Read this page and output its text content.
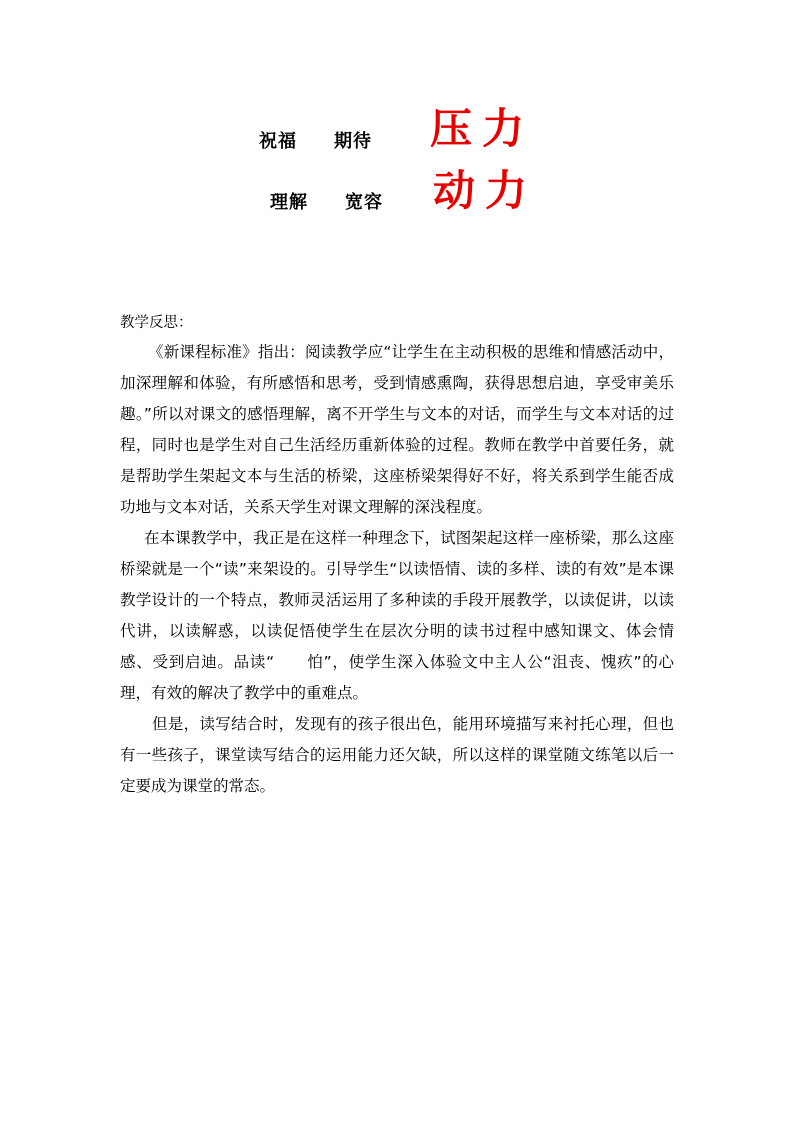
祝福 期待 压力
理解 宽容 动力
教学反思：

《新课程标准》指出：阅读教学应“让学生在主动积极的思维和情感活动中，加深理解和体验，有所感悟和思考，受到情感熏陶，获得思想启迪，享受审美乐趣。”所以对课文的感悟理解，离不开学生与文本的对话，而学生与文本对话的过程，同时也是学生对自己生活经历重新体验的过程。教师在教学中首要任务，就是帮助学生架起文本与生活的桥梁，这座桥梁架得好不好，将关系到学生能否成功地与文本对话，关系天学生对课文理解的深浅程度。

在本课教学中，我正是在这样一种理念下，试图架起这样一座桥梁，那么这座桥梁就是一个“读”来架设的。引导学生“以读悟情、读的多样、读的有效”是本课教学设计的一个特点，教师灵活运用了多种读的手段开展教学，以读促讲，以读代讲，以读解惑，以读促悟使学生在层次分明的读书过程中感知课文、体会情感、受到启迪。品读“　　怕”，使学生深入体验文中主人公“沮丧、愧疚”的心理，有效的解决了教学中的重难点。

但是，读写结合时，发现有的孩子很出色，能用环境描写来衬托心理，但也有一些孩子，课堂读写结合的运用能力还欠缺，所以这样的课堂随文练笔以后一定要成为课堂的常态。
